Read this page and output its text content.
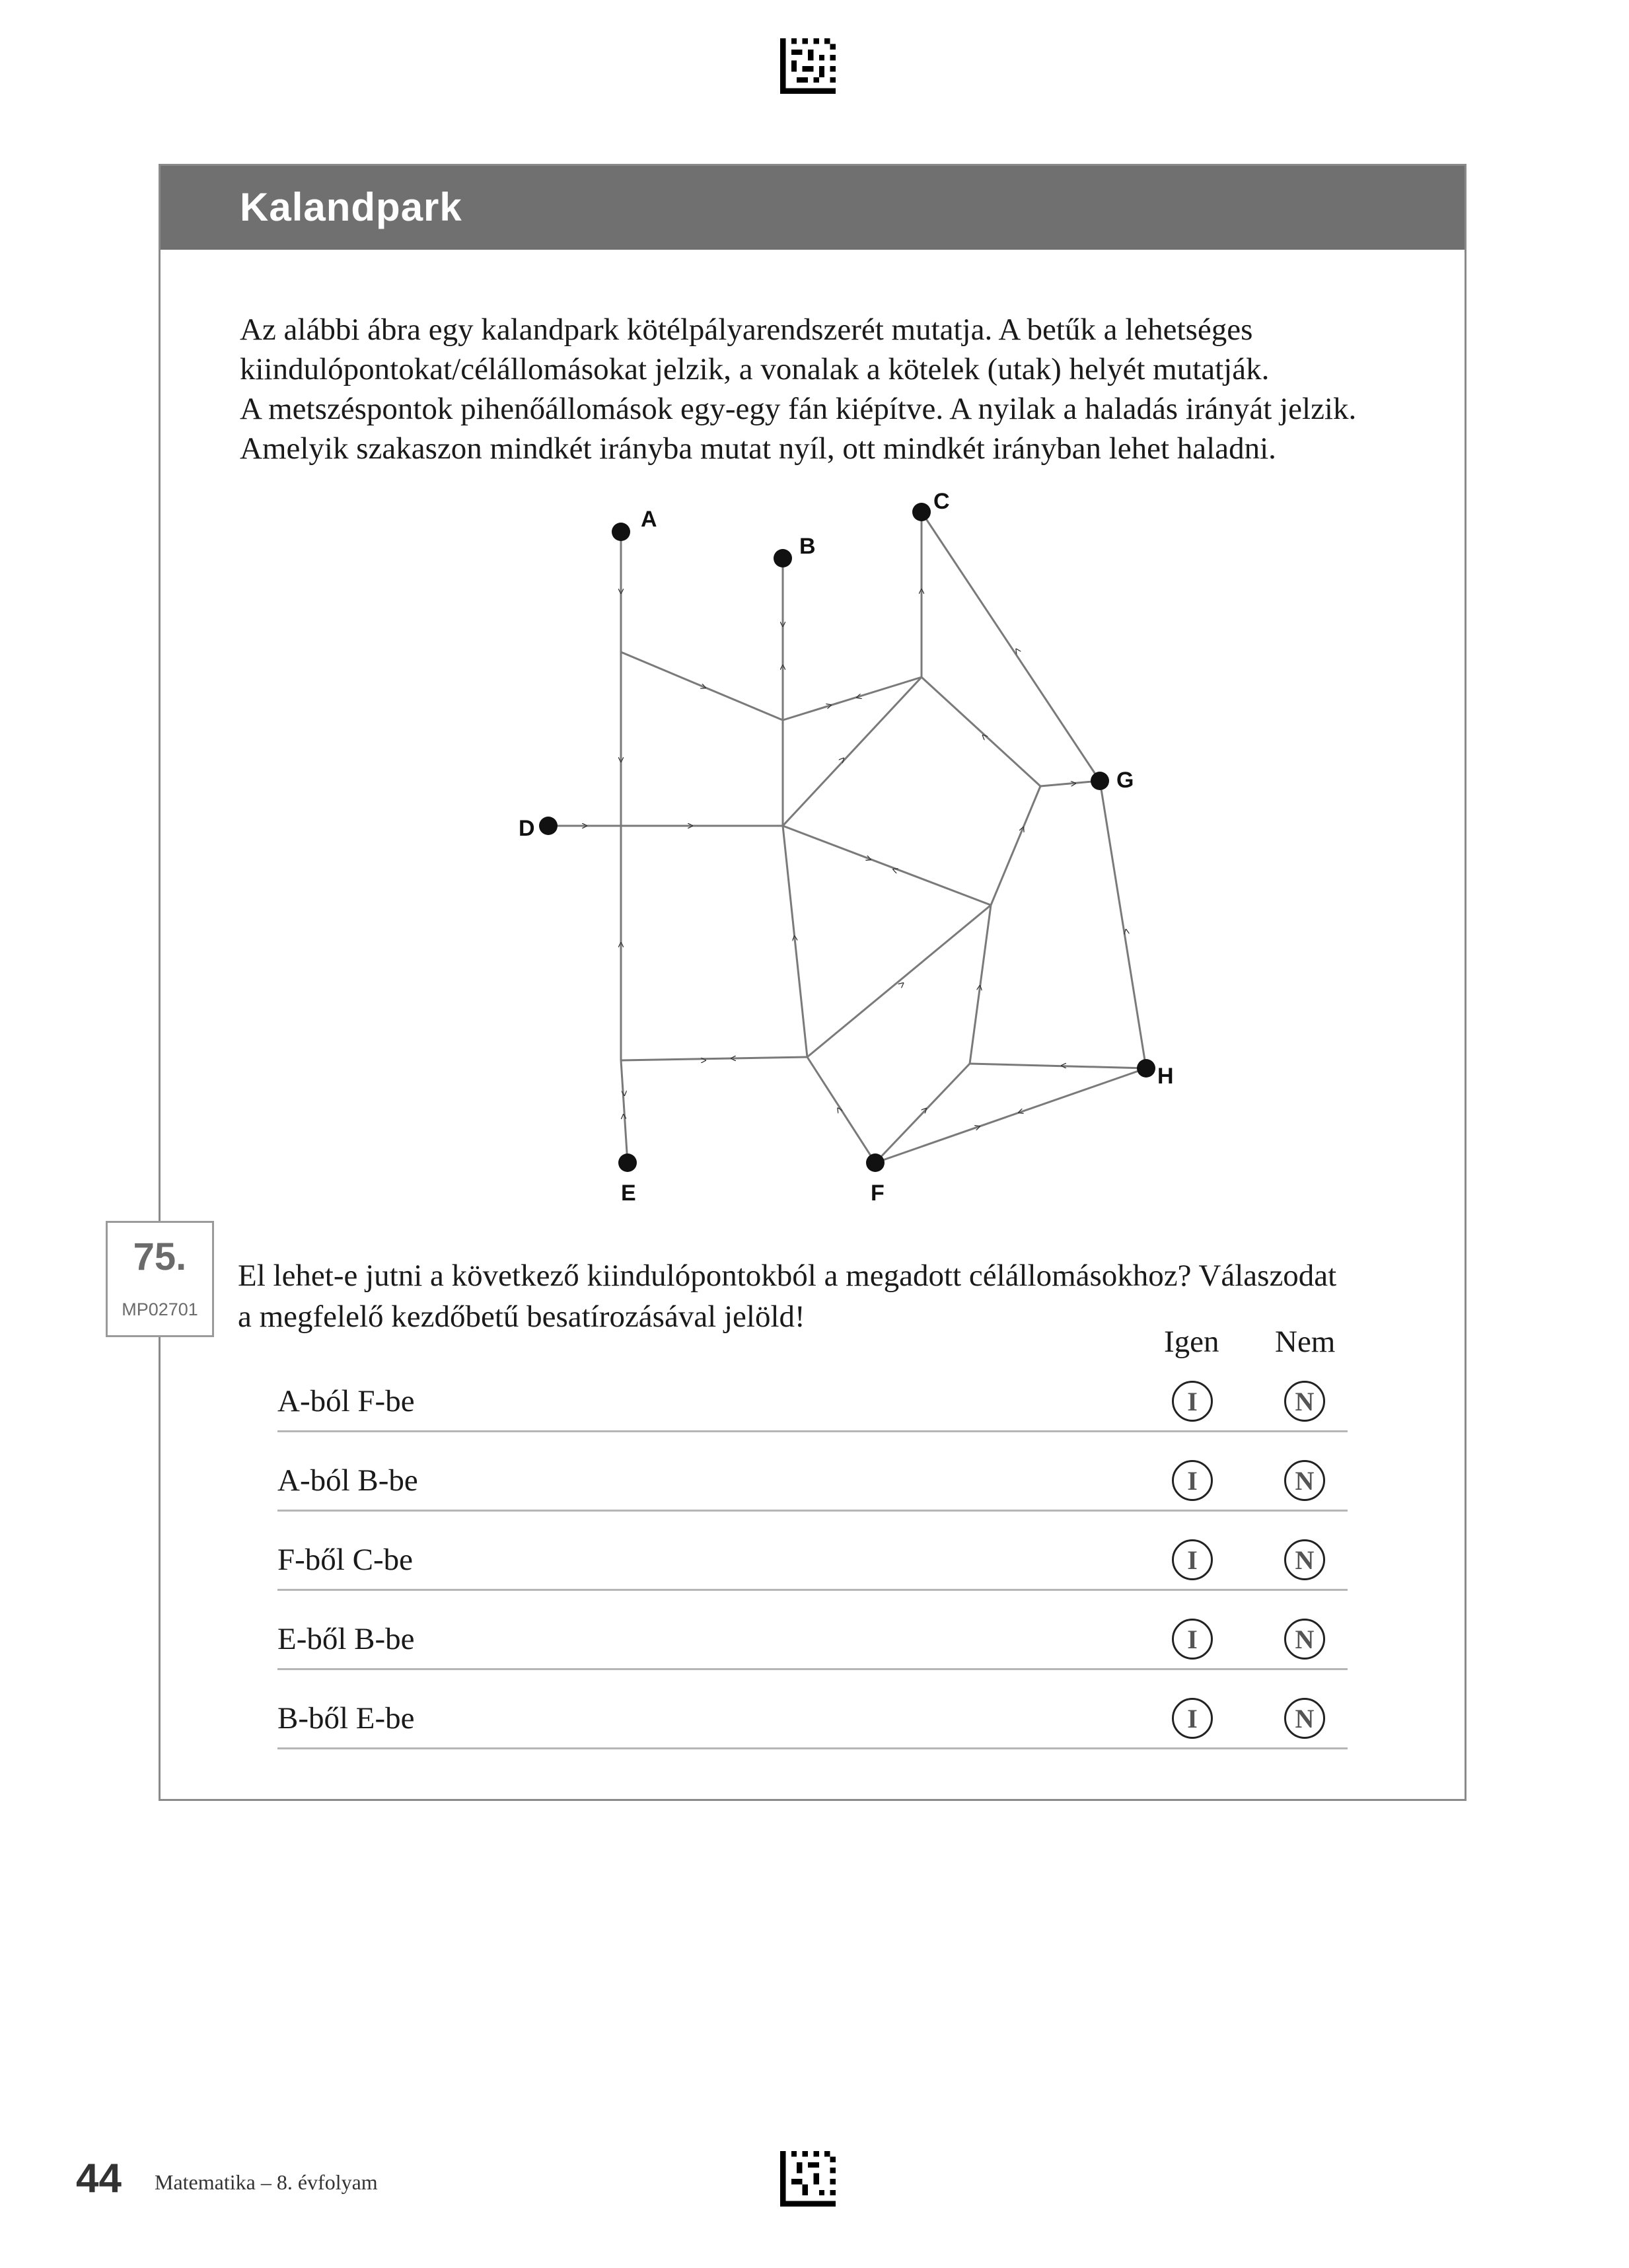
Kalandpark

Az alábbi ábra egy kalandpark kötélpályarendszerét mutatja. A betűk a lehetséges
kiindulópontokat/célállomásokat jelzik, a vonalak a kötelek (utak) helyét mutatják.
A metszéspontok pihenőállomások egy-egy fán kiépítve. A nyilak a haladás irányát jelzik.
Amelyik szakaszon mindkét irányba mutat nyíl, ott mindkét irányban lehet haladni.

A
B
C
D
E	F
G
H
75.
MP02701

El lehet-e jutni a következő kiindulópontokból a megadott célállomásokhoz? Válaszodat
a megfelelő kezdőbetű besatírozásával jelöld!

Igen Nem
A-ból F-be	I	N
A-ból B-be	I	N
F-ből C-be	I	N
E-ből B-be	I	N
B-ből E-be	I	N
44 Matematika – 8. évfolyam
